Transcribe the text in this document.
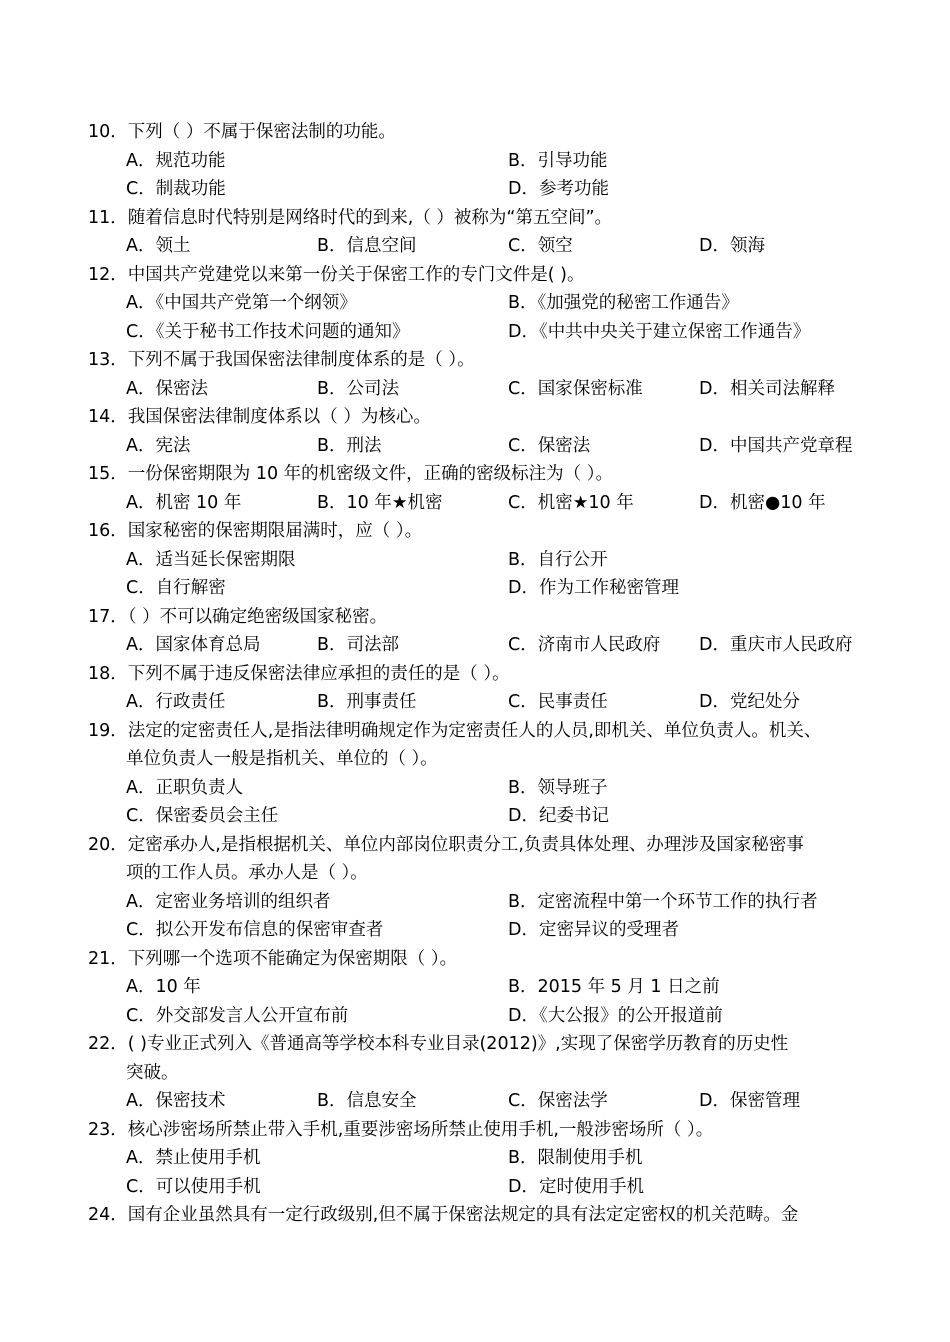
10．下列（ ）不属于保密法制的功能。
A．规范功能	B．引导功能
C．制裁功能	D．参考功能
11．随着信息时代特别是网络时代的到来,（ ）被称为“第五空间”。
A．领土	B．信息空间	C．领空	D．领海
12．中国共产党建党以来第一份关于保密工作的专门文件是( )。
A．《中国共产党第一个纲领》	B．《加强党的秘密工作通告》
C．《关于秘书工作技术问题的通知》	D．《中共中央关于建立保密工作通告》
13．下列不属于我国保密法律制度体系的是（ ）。
A．保密法	B．公司法	C．国家保密标准	D．相关司法解释
14．我国保密法律制度体系以（ ）为核心。
A．宪法	B．刑法	C．保密法	D．中国共产党章程
15．一份保密期限为 10 年的机密级文件，正确的密级标注为（ ）。
A．机密 10 年	B．10 年★机密	C．机密★10 年	D．机密●10 年
16．国家秘密的保密期限届满时，应（ ）。
A．适当延长保密期限	B．自行公开
C．自行解密	D．作为工作秘密管理
17．（ ）不可以确定绝密级国家秘密。
A．国家体育总局	B．司法部	C．济南市人民政府 D．重庆市人民政府
18．下列不属于违反保密法律应承担的责任的是（ ）。
A．行政责任	B．刑事责任	C．民事责任	D．党纪处分
19．法定的定密责任人,是指法律明确规定作为定密责任人的人员,即机关、单位负责人。机关、
单位负责人一般是指机关、单位的（ ）。
A．正职负责人	B．领导班子
C．保密委员会主任	D．纪委书记
20．定密承办人,是指根据机关、单位内部岗位职责分工,负责具体处理、办理涉及国家秘密事
项的工作人员。承办人是（ ）。
A．定密业务培训的组织者	B．定密流程中第一个环节工作的执行者
C．拟公开发布信息的保密审查者	D．定密异议的受理者
21．下列哪一个选项不能确定为保密期限（ ）。
A．10 年	B．2015 年 5 月 1 日之前
C．外交部发言人公开宣布前	D．《大公报》的公开报道前
22．( )专业正式列入《普通高等学校本科专业目录(2012)》,实现了保密学历教育的历史性
突破。
A．保密技术	B．信息安全	C．保密法学	D．保密管理
23．核心涉密场所禁止带入手机,重要涉密场所禁止使用手机,一般涉密场所（ ）。
A．禁止使用手机	B．限制使用手机
C．可以使用手机	D．定时使用手机
24．国有企业虽然具有一定行政级别,但不属于保密法规定的具有法定定密权的机关范畴。金
